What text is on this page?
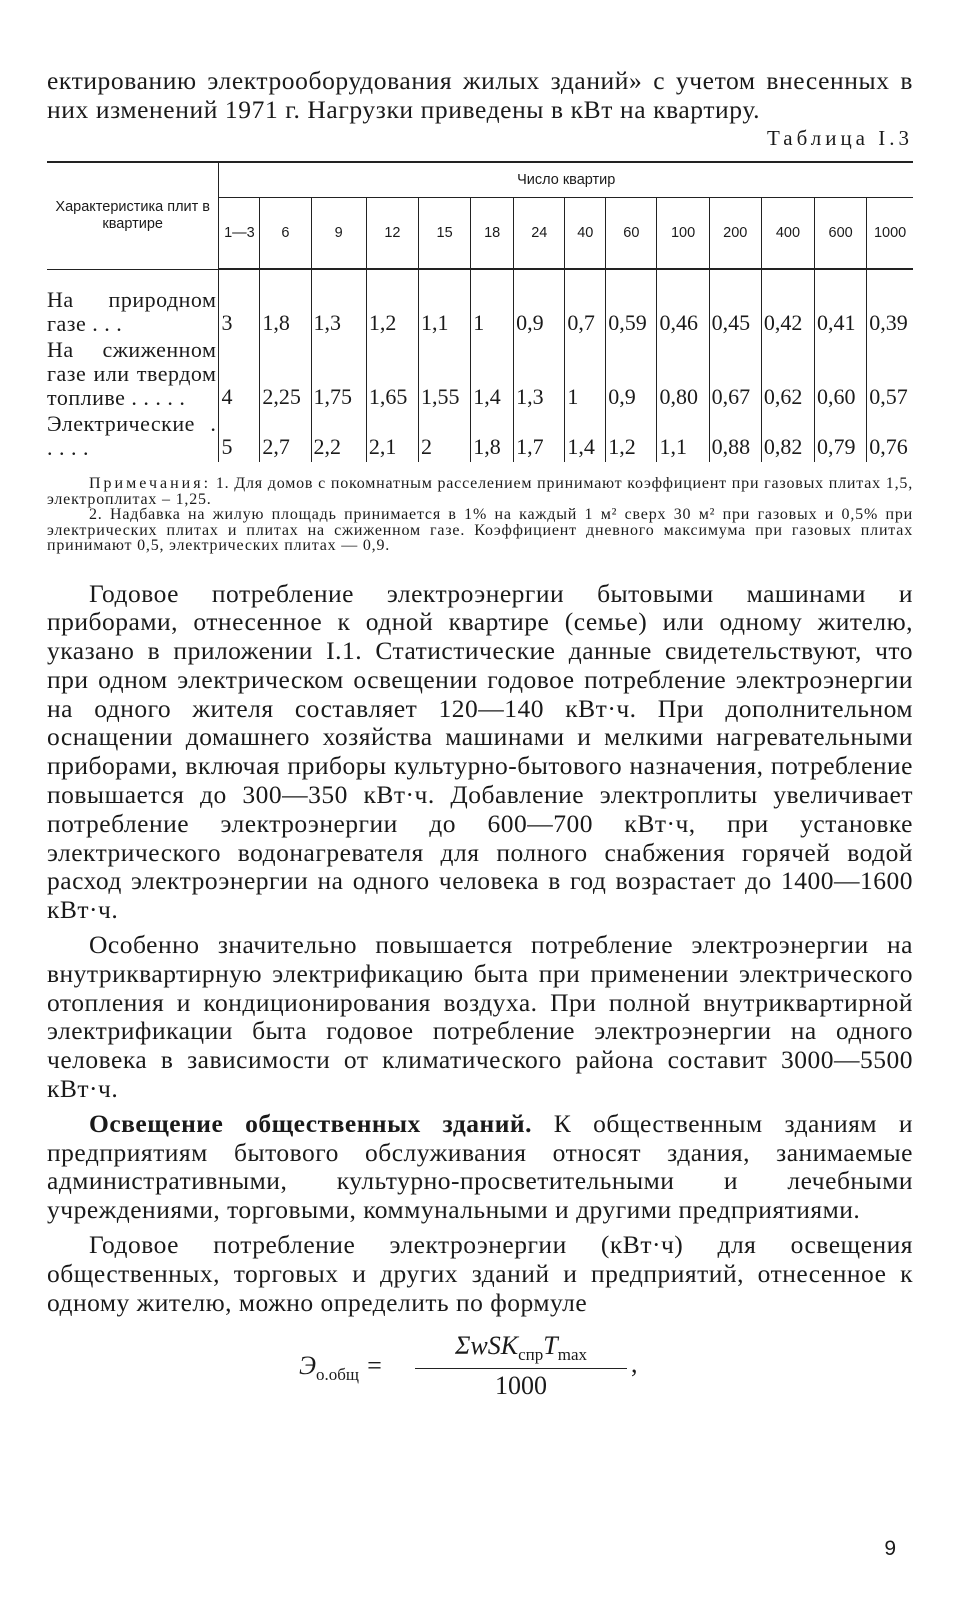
ектированию электрооборудования жилых зданий» с учетом внесенных в них изменений 1971 г. Нагрузки приведены в кВт на квартиру.

Таблица I.3
Характеристика плит в квартире	Число квартир													
	1—3	6	9	12	15	18	24	40	60	100	200	400	600	1000

На природном газе . . .	3	1,8	1,3	1,2	1,1	1	0,9	0,7	0,59	0,46	0,45	0,42	0,41	0,39
На сжиженном газе или твердом топливе . . . . .	4	2,25	1,75	1,65	1,55	1,4	1,3	1	0,9	0,80	0,67	0,62	0,60	0,57
Электрические . . . . .	5	2,7	2,2	2,1	2	1,8	1,7	1,4	1,2	1,1	0,88	0,82	0,79	0,76

Примечания: 1. Для домов с покомнатным расселением принимают коэффициент при газовых плитах 1,5, электроплитах – 1,25.

2. Надбавка на жилую площадь принимается в 1% на каждый 1 м² сверх 30 м² при газовых и 0,5% при электрических плитах и плитах на сжиженном газе. Коэффициент дневного максимума при газовых плитах принимают 0,5, электрических плитах — 0,9.

Годовое потребление электроэнергии бытовыми машинами и приборами, отнесенное к одной квартире (семье) или одному жителю, указано в приложении I.1. Статистические данные свидетельствуют, что при одном электрическом освещении годовое потребление электроэнергии на одного жителя составляет 120—140 кВт·ч. При дополнительном оснащении домашнего хозяйства машинами и мелкими нагревательными приборами, включая приборы культурно-бытового назначения, потребление повышается до 300—350 кВт·ч. Добавление электроплиты увеличивает потребление электроэнергии до 600—700 кВт·ч, при установке электрического водонагревателя для полного снабжения горячей водой расход электроэнергии на одного человека в год возрастает до 1400—1600 кВт·ч.

Особенно значительно повышается потребление электроэнергии на внутриквартирную электрификацию быта при применении электрического отопления и кондиционирования воздуха. При полной внутриквартирной электрификации быта годовое потребление электроэнергии на одного человека в зависимости от климатического района составит 3000—5500 кВт·ч.

Освещение общественных зданий. К общественным зданиям и предприятиям бытового обслуживания относят здания, занимаемые административными, культурно-просветительными и лечебными учреждениями, торговыми, коммунальными и другими предприятиями.

Годовое потребление электроэнергии (кВт·ч) для освещения общественных, торговых и других зданий и предприятий, отнесенное к одному жителю, можно определить по формуле

$Э_{о.общ}$ =
$\Sigma wSK_{спр}T_{max}$
1000
,
9
